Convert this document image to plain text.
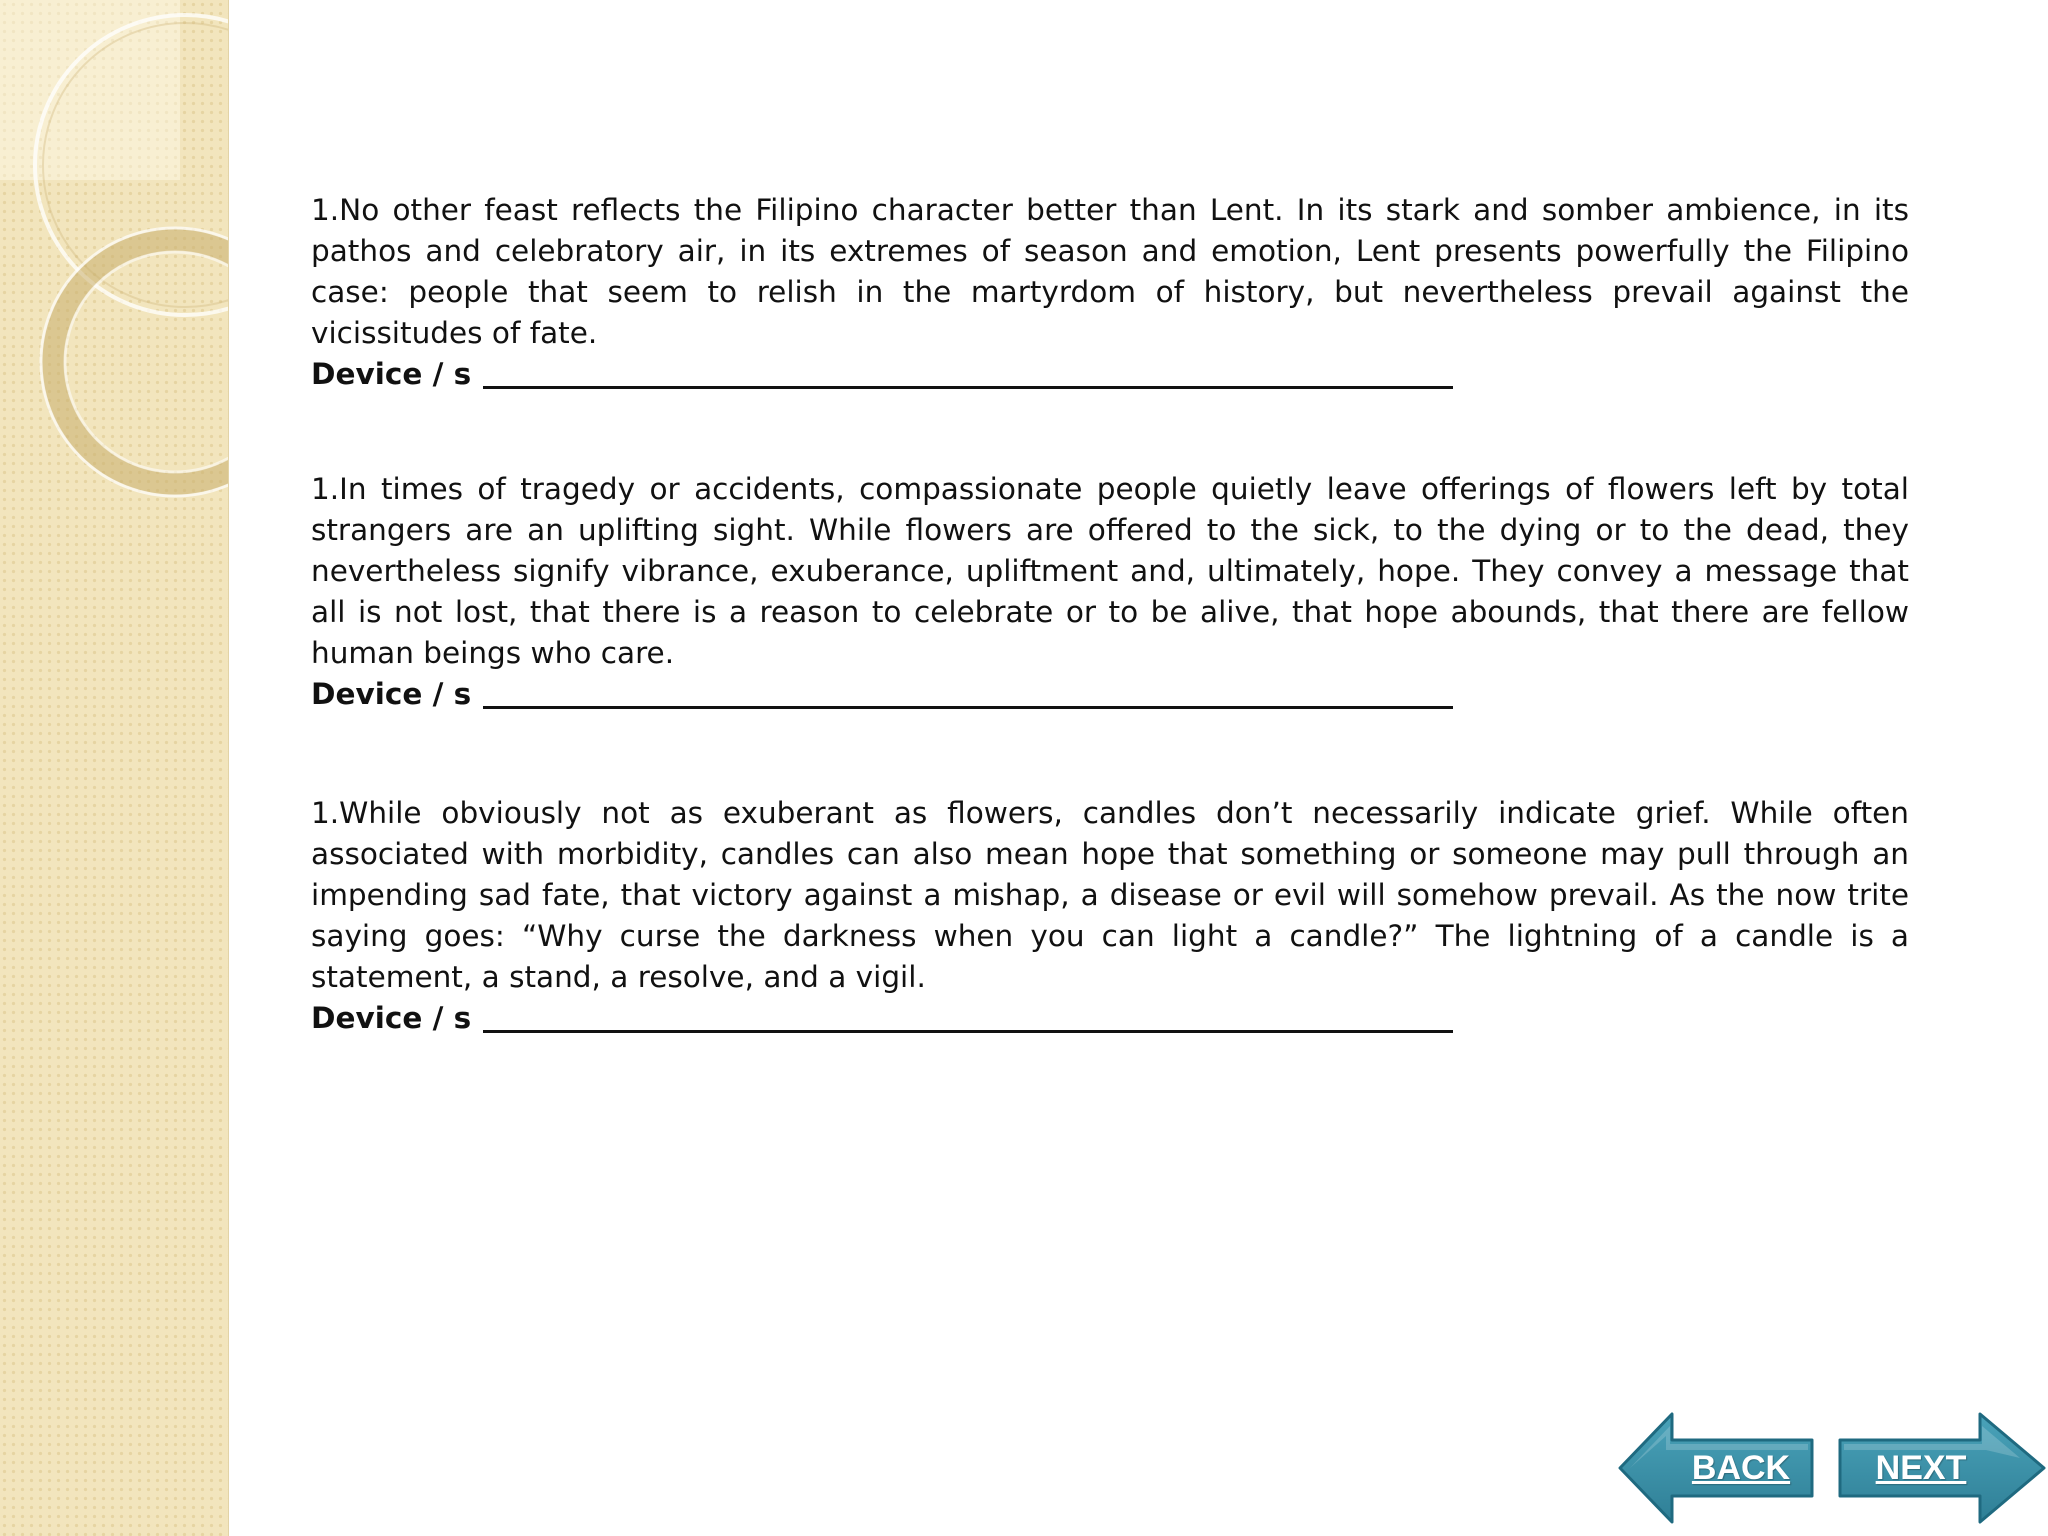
1.No other feast reflects the Filipino character better than Lent. In its stark and somber ambience, in its pathos and celebratory air, in its extremes of season and emotion, Lent presents powerfully the Filipino case: people that seem to relish in the martyrdom of history, but nevertheless prevail against the vicissitudes of fate.

Device / s

1.In times of tragedy or accidents, compassionate people quietly leave offerings of flowers left by total strangers are an uplifting sight. While flowers are offered to the sick, to the dying or to the dead, they nevertheless signify vibrance, exuberance, upliftment and, ultimately, hope. They convey a message that all is not lost, that there is a reason to celebrate or to be alive, that hope abounds, that there are fellow human beings who care.

Device / s

1.While obviously not as exuberant as flowers, candles don’t necessarily indicate grief. While often associated with morbidity, candles can also mean hope that something or someone may pull through an impending sad fate, that victory against a mishap, a disease or evil will somehow prevail. As the now trite saying goes: “Why curse the darkness when you can light a candle?” The lightning of a candle is a statement, a stand, a resolve, and a vigil.

Device / s
BACK	NEXT
